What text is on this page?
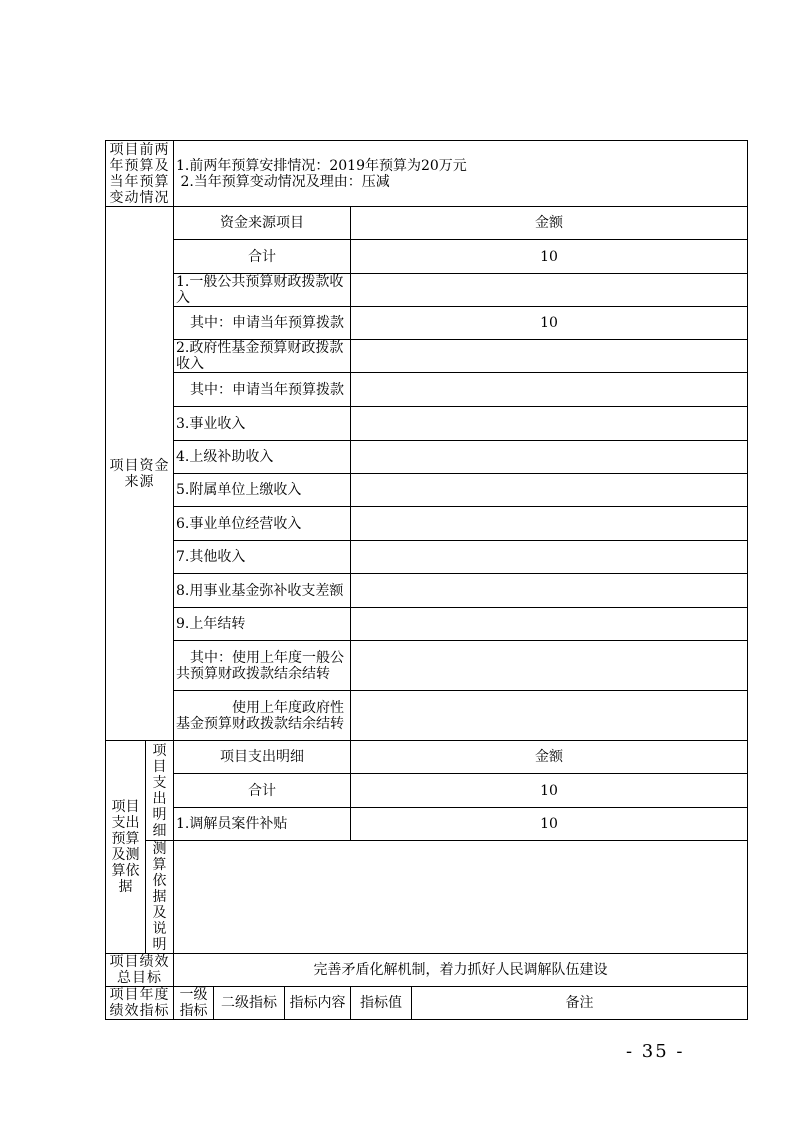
项目前两年预算及当年预算变动情况		1.前两年预算安排情况：2019年预算为20万元
2.当年预算变动情况及理由：压减				

项目资金来源		资金来源项目			金额	
		合计			10	
		1.一般公共预算财政拨款收入				
		　其中：申请当年预算拨款			10	
		2.政府性基金预算财政拨款收入				
		　其中：申请当年预算拨款				
		3.事业收入				
		4.上级补助收入				
		5.附属单位上缴收入				
		6.事业单位经营收入				
		7.其他收入				
		8.用事业基金弥补收支差额				
		9.上年结转				
		　其中：使用上年度一般公共预算财政拨款结余结转				
		　　　　使用上年度政府性基金预算财政拨款结余结转				
项目支出预算及测算依据	项目支出明细	项目支出明细			金额	
		合计			10	
		1.调解员案件补贴			10	
	测算依据及说明					
项目绩效总目标		完善矛盾化解机制，着力抓好人民调解队伍建设				
项目年度绩效指标		一级指标	二级指标	指标内容	指标值	备注
- 35 -
